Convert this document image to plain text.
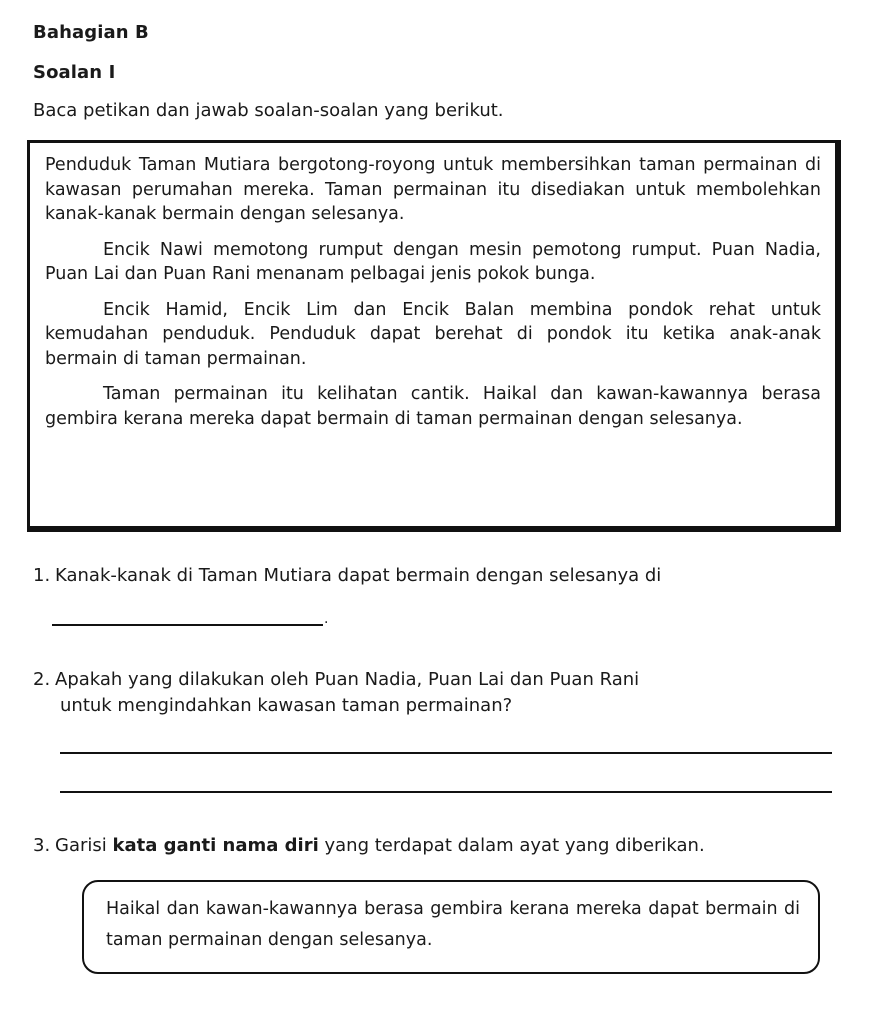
Bahagian B
Soalan I
Baca petikan dan jawab soalan-soalan yang berikut.

Penduduk Taman Mutiara bergotong-royong untuk membersihkan taman permainan di kawasan perumahan mereka. Taman permainan itu disediakan untuk membolehkan kanak-kanak bermain dengan selesanya.

Encik Nawi memotong rumput dengan mesin pemotong rumput. Puan Nadia, Puan Lai dan Puan Rani menanam pelbagai jenis pokok bunga.

Encik Hamid, Encik Lim dan Encik Balan membina pondok rehat untuk kemudahan penduduk. Penduduk dapat berehat di pondok itu ketika anak-anak bermain di taman permainan.

Taman permainan itu kelihatan cantik. Haikal dan kawan-kawannya berasa gembira kerana mereka dapat bermain di taman permainan dengan selesanya.

1. Kanak-kanak di Taman Mutiara dapat bermain dengan selesanya di
.
2. Apakah yang dilakukan oleh Puan Nadia, Puan Lai dan Puan Rani
untuk mengindahkan kawasan taman permainan?
3. Garisi kata ganti nama diri yang terdapat dalam ayat yang diberikan.

Haikal dan kawan-kawannya berasa gembira kerana mereka dapat bermain di taman permainan dengan selesanya.
